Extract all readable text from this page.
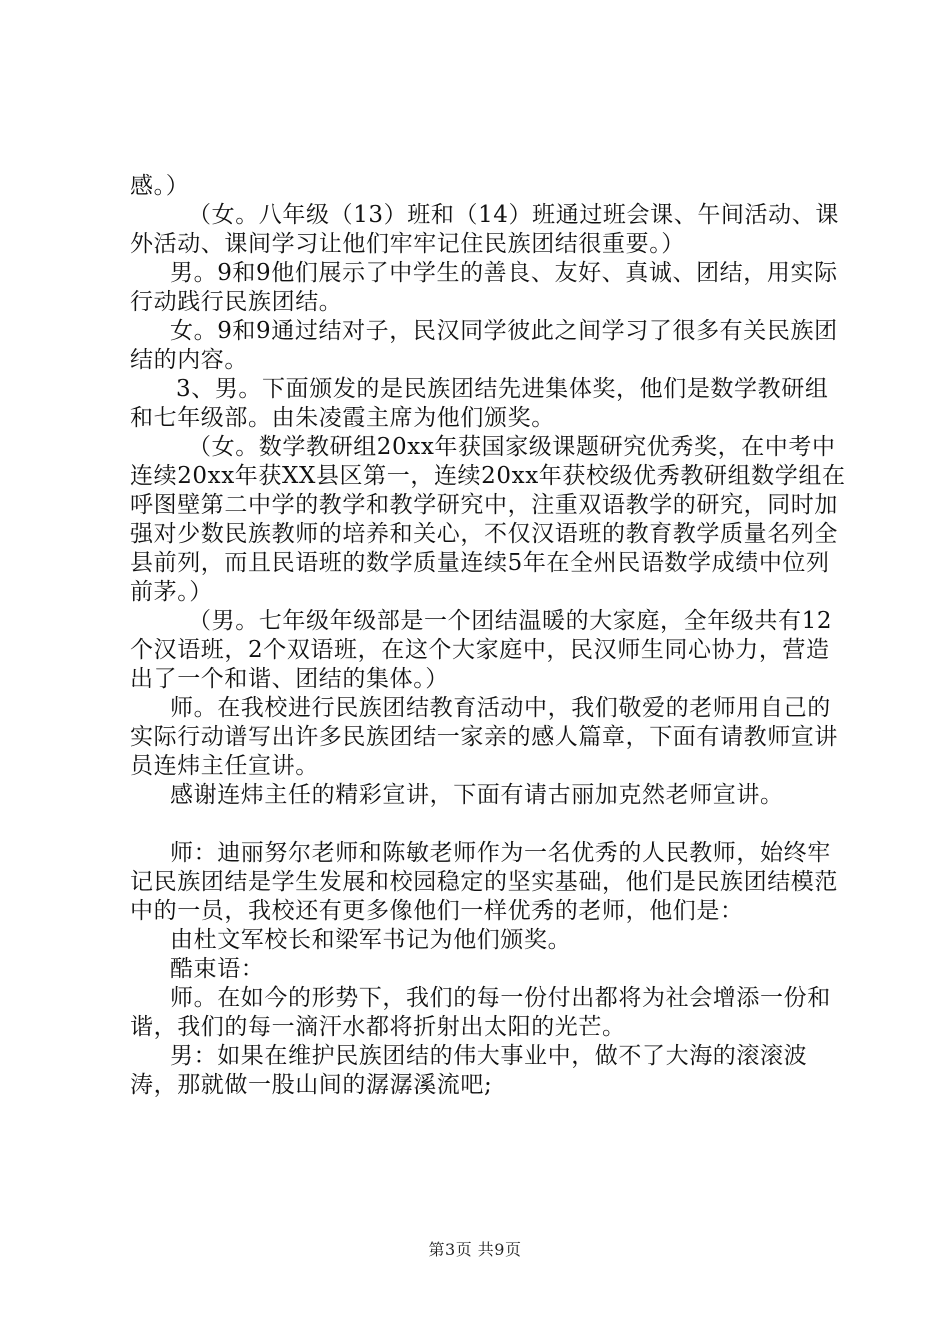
感。）

（女。八年级（13）班和（14）班通过班会课、午间活动、课外活动、课间学习让他们牢牢记住民族团结很重要。）

男。9和9他们展示了中学生的善良、友好、真诚、团结，用实际行动践行民族团结。

女。9和9通过结对子，民汉同学彼此之间学习了很多有关民族团结的内容。

3、男。下面颁发的是民族团结先进集体奖，他们是数学教研组和七年级部。由朱凌霞主席为他们颁奖。

（女。数学教研组20xx年获国家级课题研究优秀奖，在中考中连续20xx年获XX县区第一，连续20xx年获校级优秀教研组数学组在呼图壁第二中学的教学和教学研究中，注重双语教学的研究，同时加强对少数民族教师的培养和关心，不仅汉语班的教育教学质量名列全县前列，而且民语班的数学质量连续5年在全州民语数学成绩中位列前茅。）

（男。七年级年级部是一个团结温暖的大家庭，全年级共有12个汉语班，2个双语班，在这个大家庭中，民汉师生同心协力，营造出了一个和谐、团结的集体。）

师。在我校进行民族团结教育活动中，我们敬爱的老师用自己的实际行动谱写出许多民族团结一家亲的感人篇章，下面有请教师宣讲员连炜主任宣讲。

感谢连炜主任的精彩宣讲，下面有请古丽加克然老师宣讲。

师：迪丽努尔老师和陈敏老师作为一名优秀的人民教师，始终牢记民族团结是学生发展和校园稳定的坚实基础，他们是民族团结模范中的一员，我校还有更多像他们一样优秀的老师，他们是：

由杜文军校长和梁军书记为他们颁奖。

酷束语：

师。在如今的形势下，我们的每一份付出都将为社会增添一份和谐，我们的每一滴汗水都将折射出太阳的光芒。

男：如果在维护民族团结的伟大事业中，做不了大海的滚滚波涛，那就做一股山间的潺潺溪流吧;

第3页 共9页
